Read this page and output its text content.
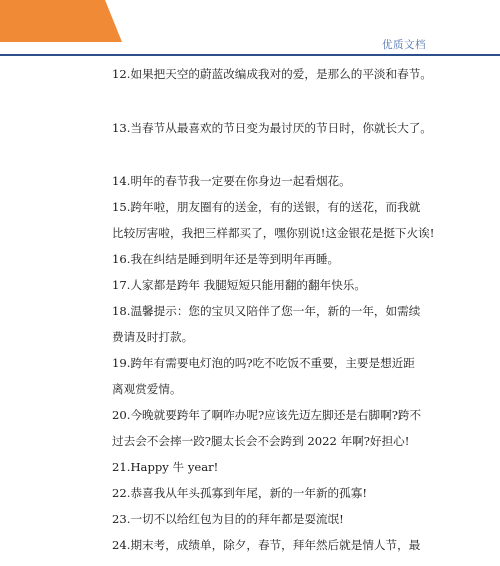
优质文档
12.如果把天空的蔚蓝改编成我对的爱，是那么的平淡和春节。
13.当春节从最喜欢的节日变为最讨厌的节日时，你就长大了。
14.明年的春节我一定要在你身边一起看烟花。
15.跨年啦，朋友圈有的送金，有的送银，有的送花，而我就
比较厉害啦，我把三样都买了，嘿你别说!这金银花是挺下火诶!
16.我在纠结是睡到明年还是等到明年再睡。
17.人家都是跨年 我腿短短只能用翻的翻年快乐。
18.温馨提示：您的宝贝又陪伴了您一年，新的一年，如需续
费请及时打款。
19.跨年有需要电灯泡的吗?吃不吃饭不重要，主要是想近距
离观赏爱情。
20.今晚就要跨年了啊咋办呢?应该先迈左脚还是右脚啊?跨不
过去会不会摔一跤?腿太长会不会跨到 2022 年啊?好担心!
21.Happy 牛 year!
22.恭喜我从年头孤寡到年尾，新的一年新的孤寡!
23.一切不以给红包为目的的拜年都是耍流氓!
24.期末考，成绩单，除夕，春节，拜年然后就是情人节，最
